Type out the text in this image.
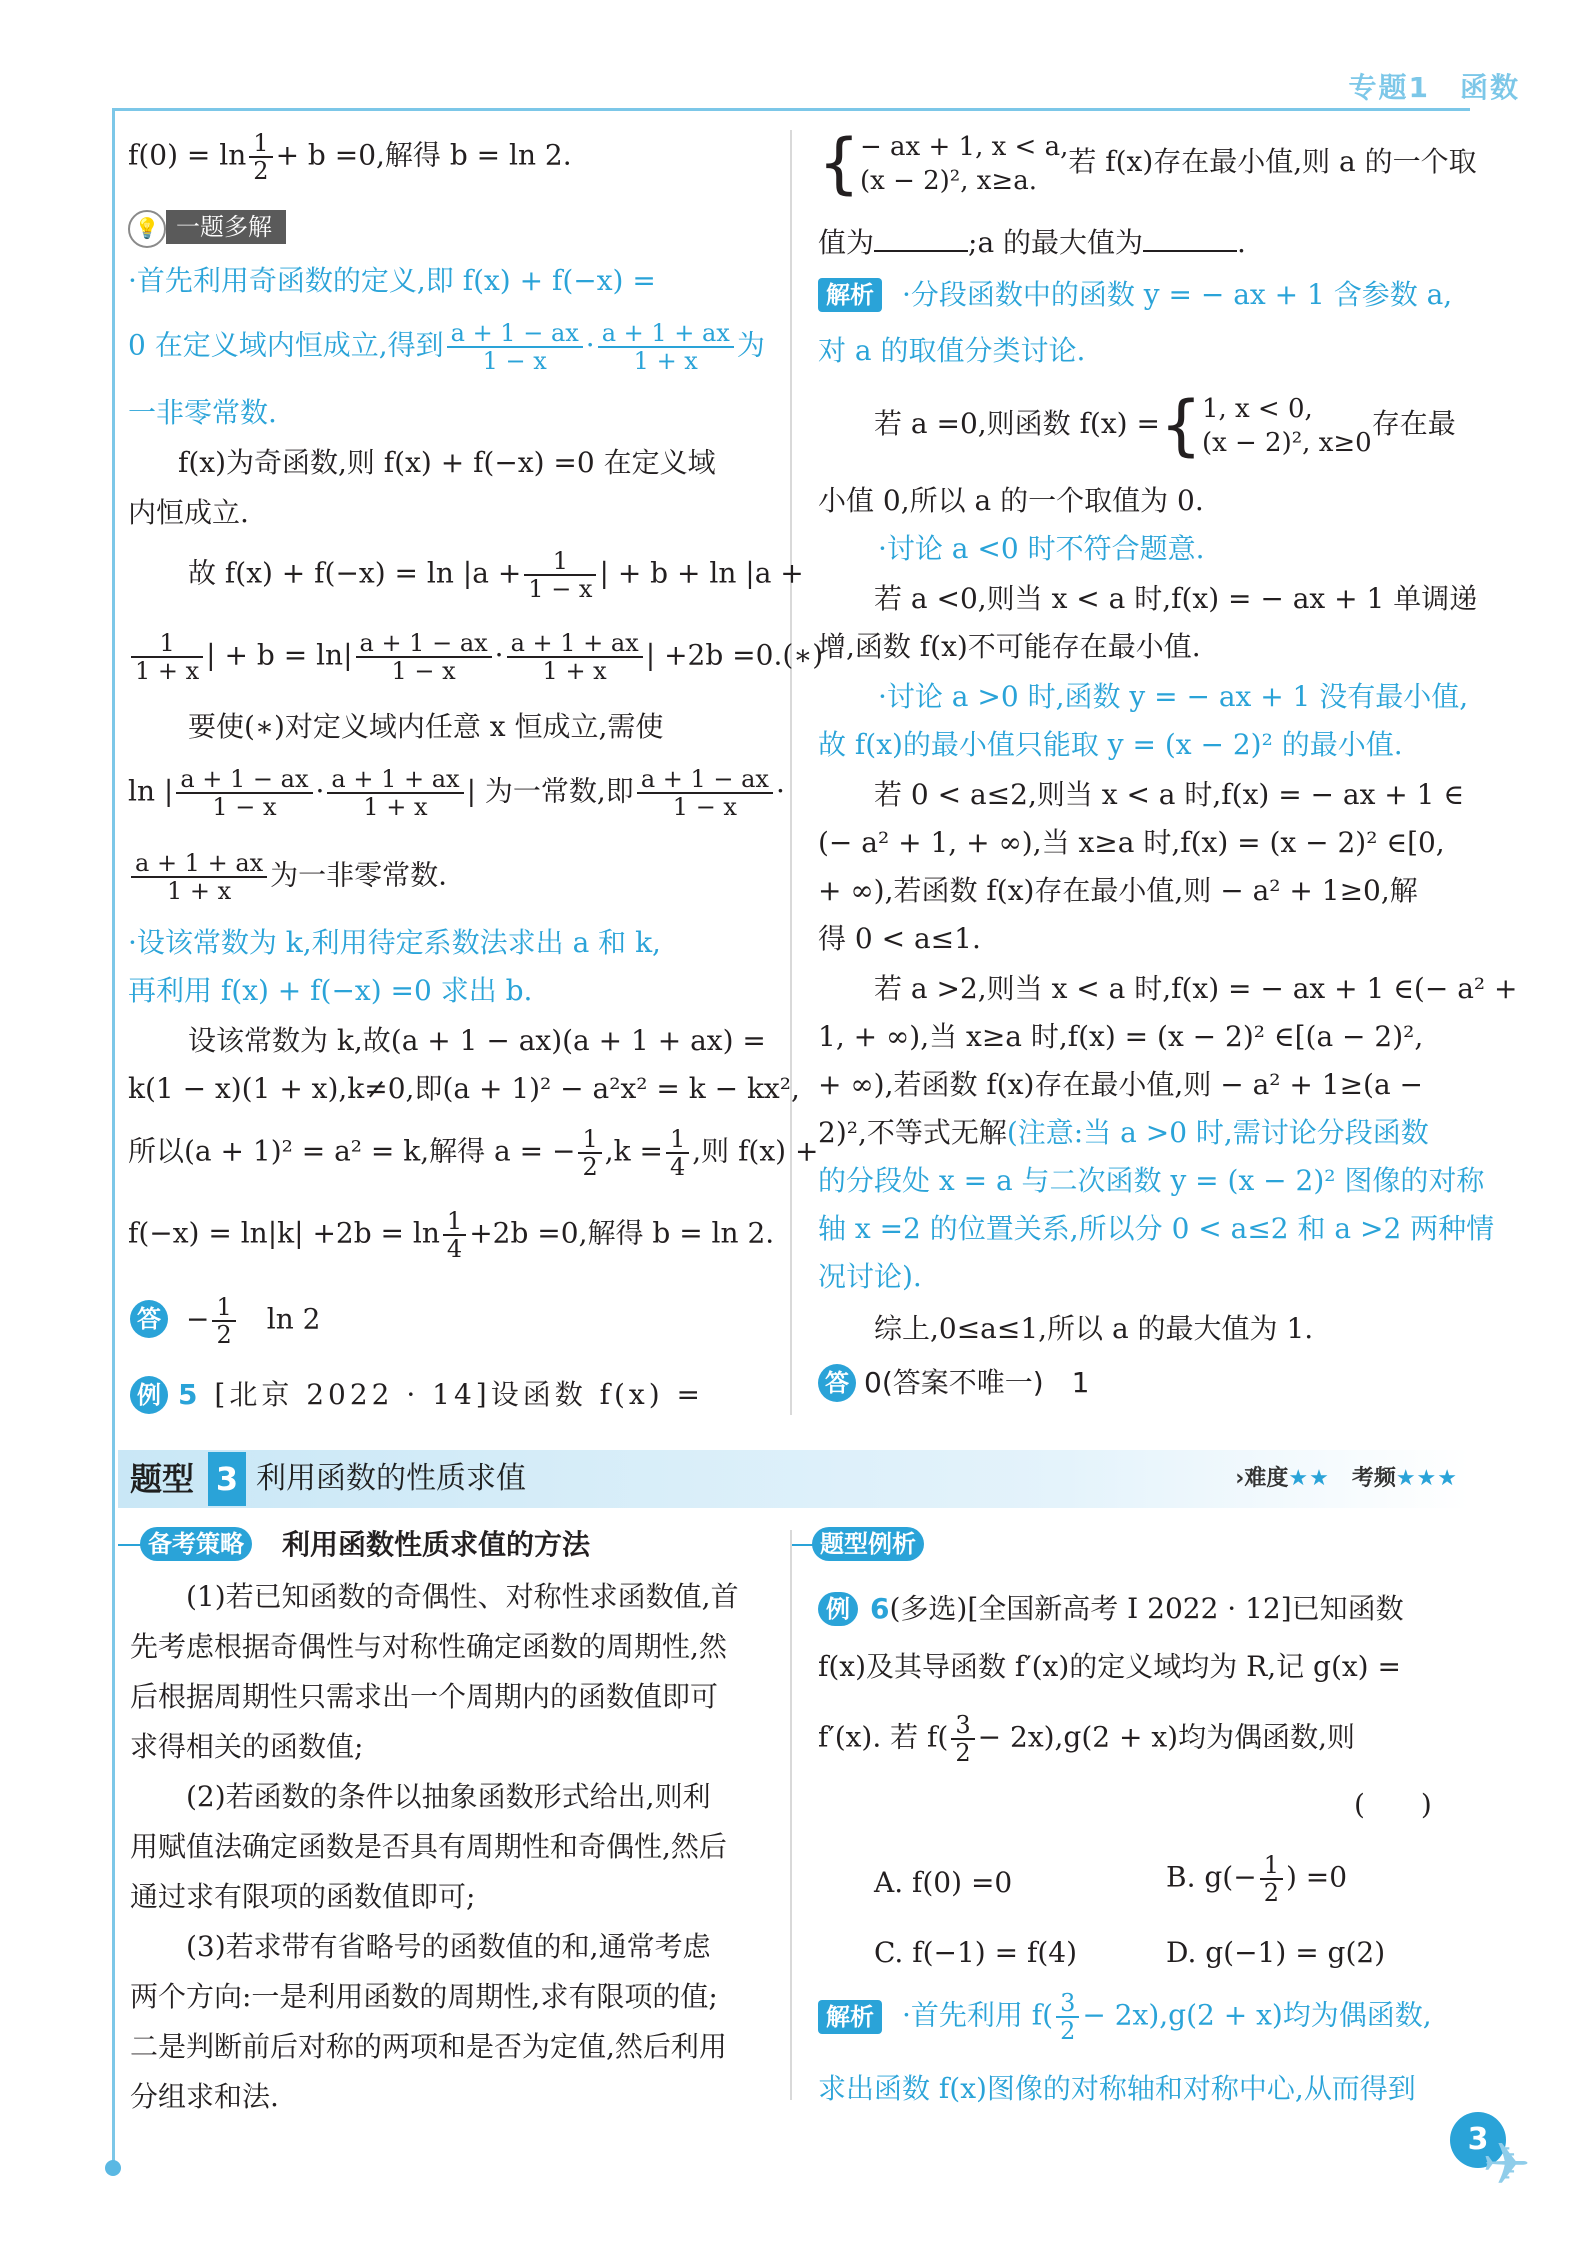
专题1　函数
$f(0) = \ln \frac{1}{2} + b =0$,解得 b = ln 2.
💡 一题多解
·首先利用奇函数的定义,即 f(x) + f(−x) =
0 在定义域内恒成立,得到 $\frac{a + 1 - ax}{1 - x} \cdot \frac{a + 1 + ax}{1 + x}$ 为
一非零常数.
f(x)为奇函数,则 f(x) + f(−x) =0 在定义域
内恒成立.
故 $f(x) + f(-x) = \ln |a + \frac{1}{1 - x}$ | + b + ln |a +
$\frac{1}{1 + x}$ | + $b = \ln| \frac{a + 1 - ax}{1 - x} \cdot \frac{a + 1 + ax}{1 + x}$ | +2b =0.(∗)
要使(∗)对定义域内任意 x 恒成立,需使
ln | $\frac{a + 1 - ax}{1 - x} \cdot \frac{a + 1 + ax}{1 + x}$ | 为一常数,即 $\frac{a + 1 - ax}{1 - x}$ ·
$\frac{a + 1 + ax}{1 + x}$ 为一非零常数.
·设该常数为 k,利用待定系数法求出 a 和 k,
再利用 f(x) + f(−x) =0 求出 b.
设该常数为 k,故(a + 1 − ax)(a + 1 + ax) =
k(1 − x)(1 + x),k≠0,即(a + 1)² − a²x² = k − kx²,
所以(a + 1)² = a² = k,解得 a = − $\frac{1}{2} ,k = \frac{1}{4}$ ,则 f(x) +
$f(-x) = \ln|k| +2b = \ln \frac{1}{4} +2b =0$,解得 b = ln 2.
答 − $\frac{1}{2}$
　 ln 2
例 5 [北京 2022 · 14]设函数 f(x) =
{− ax + 1, x < a,
(x − 2)², x≥a.若 f(x)存在最小值,则 a 的一个取
值为	;a 的最大值为	.
解析 ·分段函数中的函数 y = − ax + 1 含参数 a,
对 a 的取值分类讨论.
若 a =0,则函数 f(x) ={1, x < 0,
(x − 2)², x≥0存在最
小值 0,所以 a 的一个取值为 0.
·讨论 a <0 时不符合题意.
若 a <0,则当 x < a 时,f(x) = − ax + 1 单调递
增,函数 f(x)不可能存在最小值.
·讨论 a >0 时,函数 y = − ax + 1 没有最小值,
故 f(x)的最小值只能取 y = (x − 2)² 的最小值.
若 0 < a≤2,则当 x < a 时,f(x) = − ax + 1 ∈
(− a² + 1, + ∞),当 x≥a 时,f(x) = (x − 2)² ∈[0,
+ ∞),若函数 f(x)存在最小值,则 − a² + 1≥0,解
得 0 < a≤1.
若 a >2,则当 x < a 时,f(x) = − ax + 1 ∈(− a² +
1, + ∞),当 x≥a 时,f(x) = (x − 2)² ∈[(a − 2)²,
+ ∞),若函数 f(x)存在最小值,则 − a² + 1≥(a −
2)²,不等式无解(注意:当 a >0 时,需讨论分段函数
的分段处 x = a 与二次函数 y = (x − 2)² 图像的对称
轴 x =2 的位置关系,所以分 0 < a≤2 和 a >2 两种情
况讨论).
综上,0≤a≤1,所以 a 的最大值为 1.
答 0(答案不唯一)　1
题型 3 利用函数的性质求值	›难度★★　 考频★★★
备考策略 利用函数性质求值的方法
(1)若已知函数的奇偶性、对称性求函数值,首
先考虑根据奇偶性与对称性确定函数的周期性,然
后根据周期性只需求出一个周期内的函数值即可
求得相关的函数值;
(2)若函数的条件以抽象函数形式给出,则利
用赋值法确定函数是否具有周期性和奇偶性,然后
通过求有限项的函数值即可;
(3)若求带有省略号的函数值的和,通常考虑
两个方向:一是利用函数的周期性,求有限项的值;
二是判断前后对称的两项和是否为定值,然后利用
分组求和法.
题型例析
例 6(多选)[全国新高考 Ⅰ 2022 · 12]已知函数
f(x)及其导函数 f′(x)的定义域均为 R,记 g(x) =
f′(x). 若 $f( \frac{3}{2} - 2x),g(2 + x)$均为偶函数,则
(　　)
A. f(0) =0	B. $g(- \frac{1}{2}$ ) =0
C. f(−1) = f(4)	D. g(−1) = g(2)
解析 ·首先利用 $f( \frac{3}{2} - 2x),g(2 + x)$均为偶函数,
求出函数 f(x)图像的对称轴和对称中心,从而得到
3
✈
